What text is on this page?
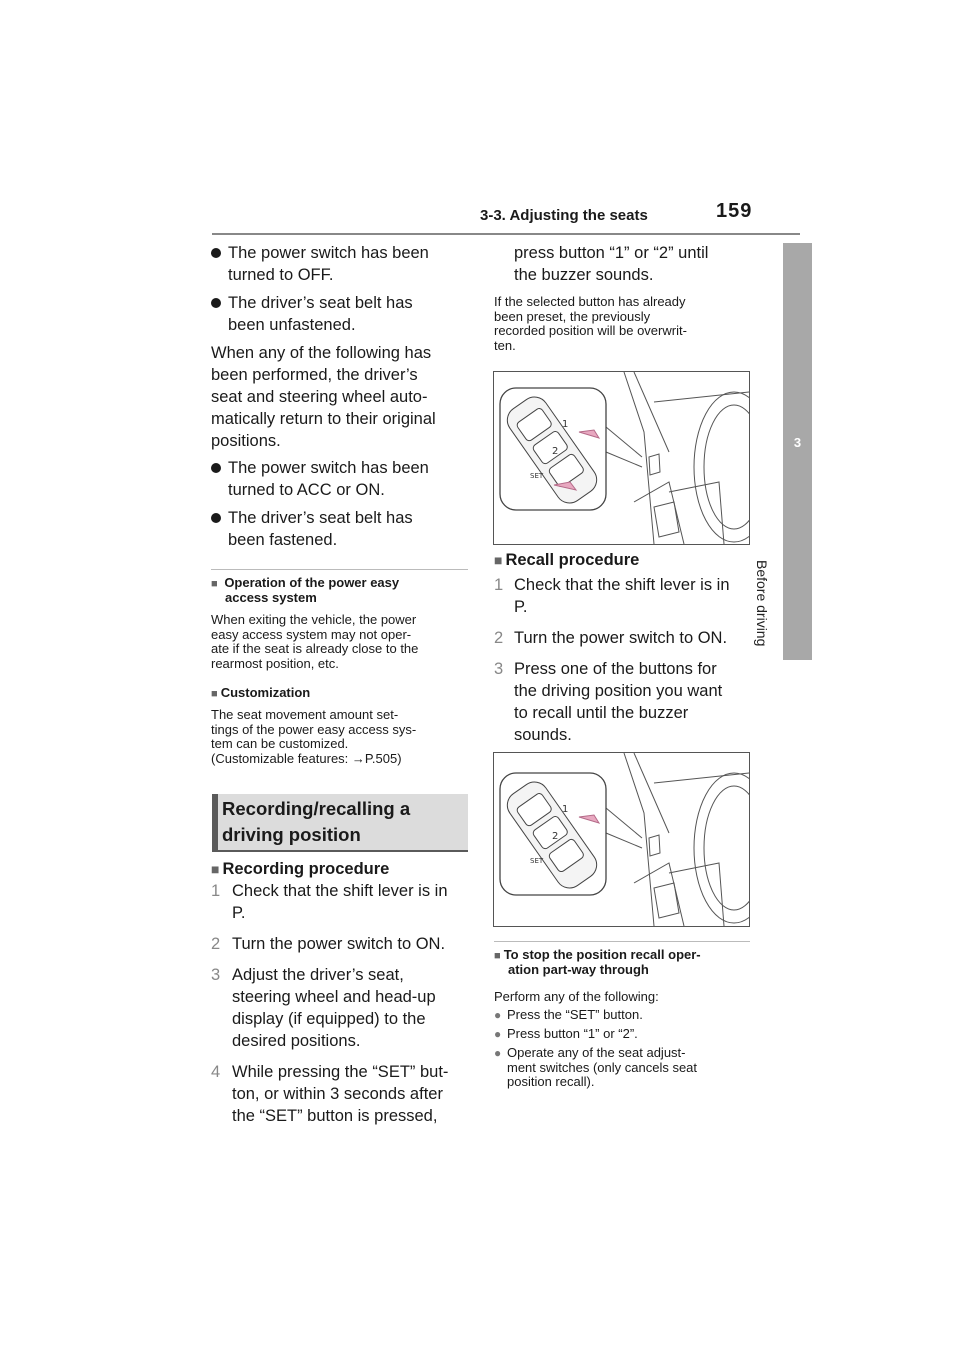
3-3. Adjusting the seats	159
3
Before driving
The power switch has been
turned to OFF.
The driver’s seat belt has
been unfastened.
When any of the following has
been performed, the driver’s
seat and steering wheel auto-
matically return to their original
positions.
The power switch has been
turned to ACC or ON.
The driver’s seat belt has
been fastened.
■ Operation of the power easy
access system
When exiting the vehicle, the power
easy access system may not oper-
ate if the seat is already close to the
rearmost position, etc.
■ Customization
The seat movement amount set-
tings of the power easy access sys-
tem can be customized.
(Customizable features: →P.505)
Recording/recalling a
driving position
■ Recording procedure
1 Check that the shift lever is in
P.
2 Turn the power switch to ON.
3 Adjust the driver’s seat,
steering wheel and head-up
display (if equipped) to the
desired positions.
4 While pressing the “SET” but-
ton, or within 3 seconds after
the “SET” button is pressed,
press button “1” or “2” until
the buzzer sounds.
If the selected button has already
been preset, the previously
recorded position will be overwrit-
ten.
1
2
SET
■ Recall procedure
1 Check that the shift lever is in
P.
2 Turn the power switch to ON.
3 Press one of the buttons for
the driving position you want
to recall until the buzzer
sounds.
1
2
SET
■ To stop the position recall oper-
ation part-way through
Perform any of the following:
● Press the “SET” button.
● Press button “1” or “2”.
● Operate any of the seat adjust-
ment switches (only cancels seat
position recall).
